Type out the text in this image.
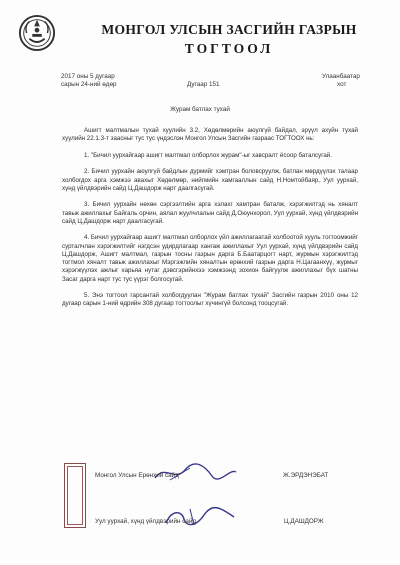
МОНГОЛ УЛСЫН ЗАСГИЙН ГАЗРЫН
ТОГТООЛ
2017 оны 5 дугаар
сарын 24-ний өдөр	Дугаар 151
Улаанбаатар
хот
Журам батлах тухай

Ашигт малтмалын тухай хуулийн 3.2, Хөдөлмөрийн аюулгүй байдал, эрүүл ахуйн тухай хуулийн 22.1.3-т заасныг тус тус үндэслэн Монгол Улсын Засгийн газраас ТОГТООХ нь:

1. "Бичил уурхайгаар ашигт малтмал олборлох журам"-ыг хавсралт ёсоор баталсугай.

2. Бичил уурхайн аюулгүй байдлын дүрмийг хэмтран боловсруулж, батлан мөрдүүлэх талаар холбогдох арга хэмжээ авахыг Хөдөлмөр, нийгмийн хамгааллын сайд Н.Номтойбаяр, Уул уурхай, хүнд үйлдвэрийн сайд Ц.Дашдорж нарт даалгасугай.

3. Бичил уурхайн нөхөн сэргээлтийн арга хэлахг хамтран баталж, хэрэгжилтэд нь хяналт тавьж ажиллахыг Байгаль орчин, аялал жуулчлалын сайд Д.Оюунхорол, Уул уурхай, хүнд үйлдвэрийн сайд Ц.Дашдорж нарт даалгасугай.

4. Бичил уурхайгаар ашигт малтмал олборлох үйл ажиллагаатай холбоотой хууль тогтоомжийг сурталчлан хэрэгжилтийг нэгдсэн удирдлагаар хангаж ажиллахыг Уул уурхай, хүнд үйлдвэрийн сайд Ц.Дашдорж, Ашигт малтмал, газрын тосны газрын дарга Б.Баатарцогт нарт, журмын хэрэгжилтэд тогтмол хяналт тавьж ажиллахыг Мэргэжлийн хяналтын ерөнхий газрын дарга Н.Цагаанхүү, журмыг хэрэгжүүлэх ажлыг харьяа нутаг дэвсгэрийнхээ хэмжээнд зохион байгуулж ажиллахыг бүх шатны Засаг дарга нарт тус тус үүрэг болгосугай.

5. Энэ тогтоол гарсантай холбогдуулан "Журам батлах тухай" Засгийн газрын 2010 оны 12 дугаар сарын 1-ний өдрийн 308 дугаар тогтоолыг хүчингүй болсонд тооцсугай.

Монгол Улсын Ерөнхий сайд	Ж.ЭРДЭНЭБАТ
Уул уурхай, хүнд үйлдвэрийн сайд	Ц.ДАШДОРЖ
